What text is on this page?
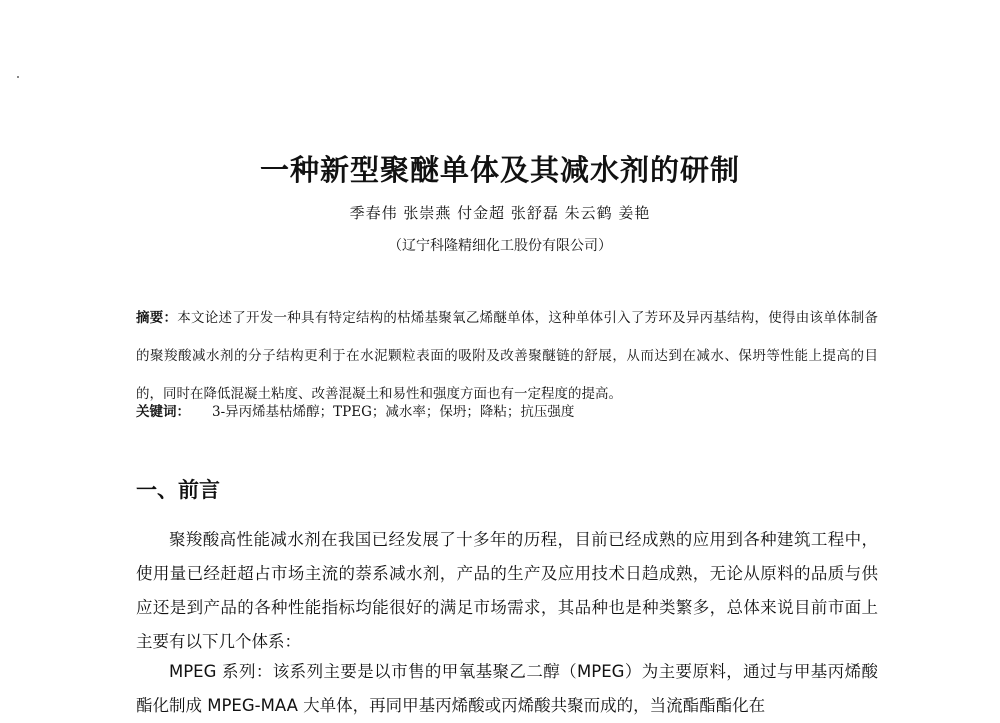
一种新型聚醚单体及其减水剂的研制
季春伟 张崇燕 付金超 张舒磊 朱云鹤 姜艳
（辽宁科隆精细化工股份有限公司）
摘要：本文论述了开发一种具有特定结构的枯烯基聚氧乙烯醚单体，这种单体引入了芳环及异丙基结构，使得由该单体制备的聚羧酸减水剂的分子结构更利于在水泥颗粒表面的吸附及改善聚醚链的舒展，从而达到在减水、保坍等性能上提高的目的，同时在降低混凝土粘度、改善混凝土和易性和强度方面也有一定程度的提高。
关键词： 3-异丙烯基枯烯醇；TPEG；减水率；保坍；降粘；抗压强度
一、前言
聚羧酸高性能减水剂在我国已经发展了十多年的历程，目前已经成熟的应用到各种建筑工程中，使用量已经赶超占市场主流的萘系减水剂，产品的生产及应用技术日趋成熟，无论从原料的品质与供应还是到产品的各种性能指标均能很好的满足市场需求，其品种也是种类繁多，总体来说目前市面上主要有以下几个体系：
MPEG 系列：该系列主要是以市售的甲氧基聚乙二醇（MPEG）为主要原料，通过与甲基丙烯酸酯化制成 MPEG-MAA 大单体，再同甲基丙烯酸或丙烯酸共聚而成的，当流酯酯酯化在
